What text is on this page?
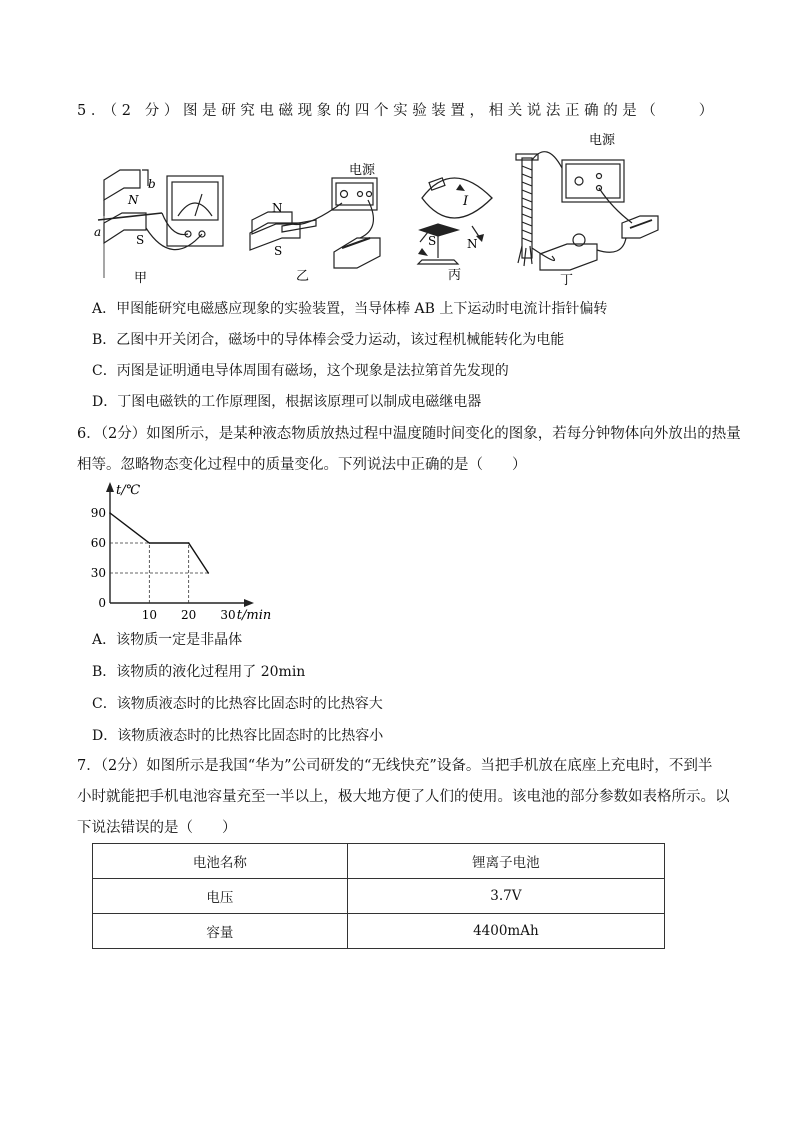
5．（2 分）图是研究电磁现象的四个实验装置，相关说法正确的是（　　）
N
b
a
S
甲
电源
N
S
乙
I
S	N
丙
电源
丁
A．甲图能研究电磁感应现象的实验装置，当导体棒 AB 上下运动时电流计指针偏转
B．乙图中开关闭合，磁场中的导体棒会受力运动，该过程机械能转化为电能
C．丙图是证明通电导体周围有磁场，这个现象是法拉第首先发现的
D．丁图电磁铁的工作原理图，根据该原理可以制成电磁继电器
6．（2分）如图所示，是某种液态物质放热过程中温度随时间变化的图象，若每分钟物体向外放出的热量
相等。忽略物态变化过程中的质量变化。下列说法中正确的是（　　）
0
30
60
90
10 20 30
t/℃
t/min
A．该物质一定是非晶体
B．该物质的液化过程用了 20min
C．该物质液态时的比热容比固态时的比热容大
D．该物质液态时的比热容比固态时的比热容小
7．（2分）如图所示是我国“华为”公司研发的“无线快充”设备。当把手机放在底座上充电时，不到半
小时就能把手机电池容量充至一半以上，极大地方便了人们的使用。该电池的部分参数如表格所示。以
下说法错误的是（　　）
电池名称	锂离子电池
电压	3.7V
容量	4400mAh
